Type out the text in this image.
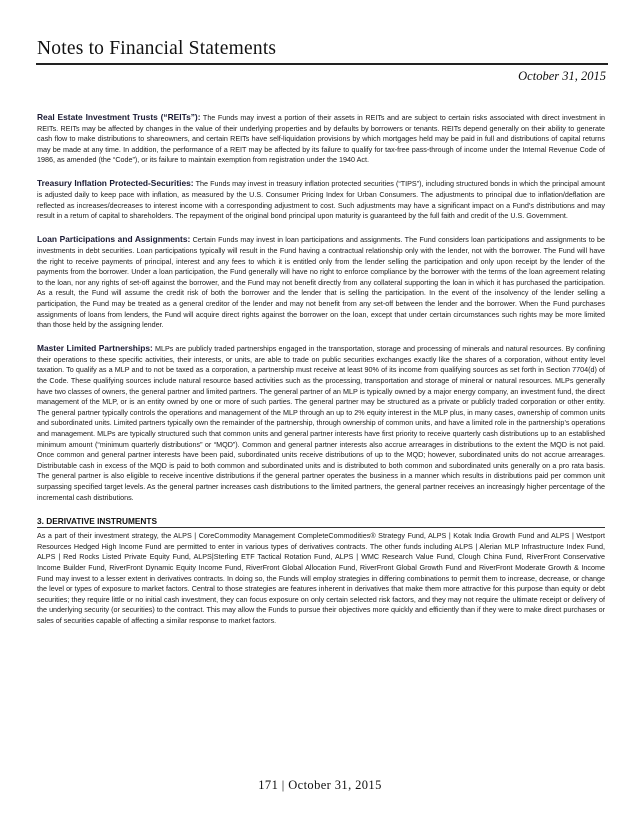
Notes to Financial Statements
October 31, 2015

Real Estate Investment Trusts (“REITs”): The Funds may invest a portion of their assets in REITs and are subject to certain risks associated with direct investment in REITs. REITs may be affected by changes in the value of their underlying properties and by defaults by borrowers or tenants. REITs depend generally on their ability to generate cash flow to make distributions to shareowners, and certain REITs have self-liquidation provisions by which mortgages held may be paid in full and distributions of capital returns may be made at any time. In addition, the performance of a REIT may be affected by its failure to qualify for tax-free pass-through of income under the Internal Revenue Code of 1986, as amended (the “Code”), or its failure to maintain exemption from registration under the 1940 Act.

Treasury Inflation Protected-Securities: The Funds may invest in treasury inflation protected securities (“TIPS”), including structured bonds in which the principal amount is adjusted daily to keep pace with inflation, as measured by the U.S. Consumer Pricing Index for Urban Consumers. The adjustments to principal due to inflation/deflation are reflected as increases/decreases to interest income with a corresponding adjustment to cost. Such adjustments may have a significant impact on a Fund’s distributions and may result in a return of capital to shareholders. The repayment of the original bond principal upon maturity is guaranteed by the full faith and credit of the U.S. Government.

Loan Participations and Assignments: Certain Funds may invest in loan participations and assignments. The Fund considers loan participations and assignments to be investments in debt securities. Loan participations typically will result in the Fund having a contractual relationship only with the lender, not with the borrower. The Fund will have the right to receive payments of principal, interest and any fees to which it is entitled only from the lender selling the participation and only upon receipt by the lender of the payments from the borrower. Under a loan participation, the Fund generally will have no right to enforce compliance by the borrower with the terms of the loan agreement relating to the loan, nor any rights of set-off against the borrower, and the Fund may not benefit directly from any collateral supporting the loan in which it has purchased the participation. As a result, the Fund will assume the credit risk of both the borrower and the lender that is selling the participation. In the event of the insolvency of the lender selling a participation, the Fund may be treated as a general creditor of the lender and may not benefit from any set-off between the lender and the borrower. When the Fund purchases assignments of loans from lenders, the Fund will acquire direct rights against the borrower on the loan, except that under certain circumstances such rights may be more limited than those held by the assigning lender.

Master Limited Partnerships: MLPs are publicly traded partnerships engaged in the transportation, storage and processing of minerals and natural resources. By confining their operations to these specific activities, their interests, or units, are able to trade on public securities exchanges exactly like the shares of a corporation, without entity level taxation. To qualify as a MLP and to not be taxed as a corporation, a partnership must receive at least 90% of its income from qualifying sources as set forth in Section 7704(d) of the Code. These qualifying sources include natural resource based activities such as the processing, transportation and storage of mineral or natural resources. MLPs generally have two classes of owners, the general partner and limited partners. The general partner of an MLP is typically owned by a major energy company, an investment fund, the direct management of the MLP, or is an entity owned by one or more of such parties. The general partner may be structured as a private or publicly traded corporation or other entity. The general partner typically controls the operations and management of the MLP through an up to 2% equity interest in the MLP plus, in many cases, ownership of common units and subordinated units. Limited partners typically own the remainder of the partnership, through ownership of common units, and have a limited role in the partnership’s operations and management. MLPs are typically structured such that common units and general partner interests have first priority to receive quarterly cash distributions up to an established minimum amount (“minimum quarterly distributions” or “MQD”). Common and general partner interests also accrue arrearages in distributions to the extent the MQD is not paid. Once common and general partner interests have been paid, subordinated units receive distributions of up to the MQD; however, subordinated units do not accrue arrearages. Distributable cash in excess of the MQD is paid to both common and subordinated units and is distributed to both common and subordinated units generally on a pro rata basis. The general partner is also eligible to receive incentive distributions if the general partner operates the business in a manner which results in distributions paid per common unit surpassing specified target levels. As the general partner increases cash distributions to the limited partners, the general partner receives an increasingly higher percentage of the incremental cash distributions.

3. DERIVATIVE INSTRUMENTS
As a part of their investment strategy, the ALPS | CoreCommodity Management CompleteCommodities® Strategy Fund, ALPS | Kotak India Growth Fund and ALPS | Westport Resources Hedged High Income Fund are permitted to enter in various types of derivatives contracts. The other funds including ALPS | Alerian MLP Infrastructure Index Fund, ALPS | Red Rocks Listed Private Equity Fund, ALPS|Sterling ETF Tactical Rotation Fund, ALPS | WMC Research Value Fund, Clough China Fund, RiverFront Conservative Income Builder Fund, RiverFront Dynamic Equity Income Fund, RiverFront Global Allocation Fund, RiverFront Global Growth Fund and RiverFront Moderate Growth & Income Fund may invest to a lesser extent in derivatives contracts. In doing so, the Funds will employ strategies in differing combinations to permit them to increase, decrease, or change the level or types of exposure to market factors. Central to those strategies are features inherent in derivatives that make them more attractive for this purpose than equity or debt securities; they require little or no initial cash investment, they can focus exposure on only certain selected risk factors, and they may not require the ultimate receipt or delivery of the underlying security (or securities) to the contract. This may allow the Funds to pursue their objectives more quickly and efficiently than if they were to make direct purchases or sales of securities capable of affecting a similar response to market factors.
171 | October 31, 2015
